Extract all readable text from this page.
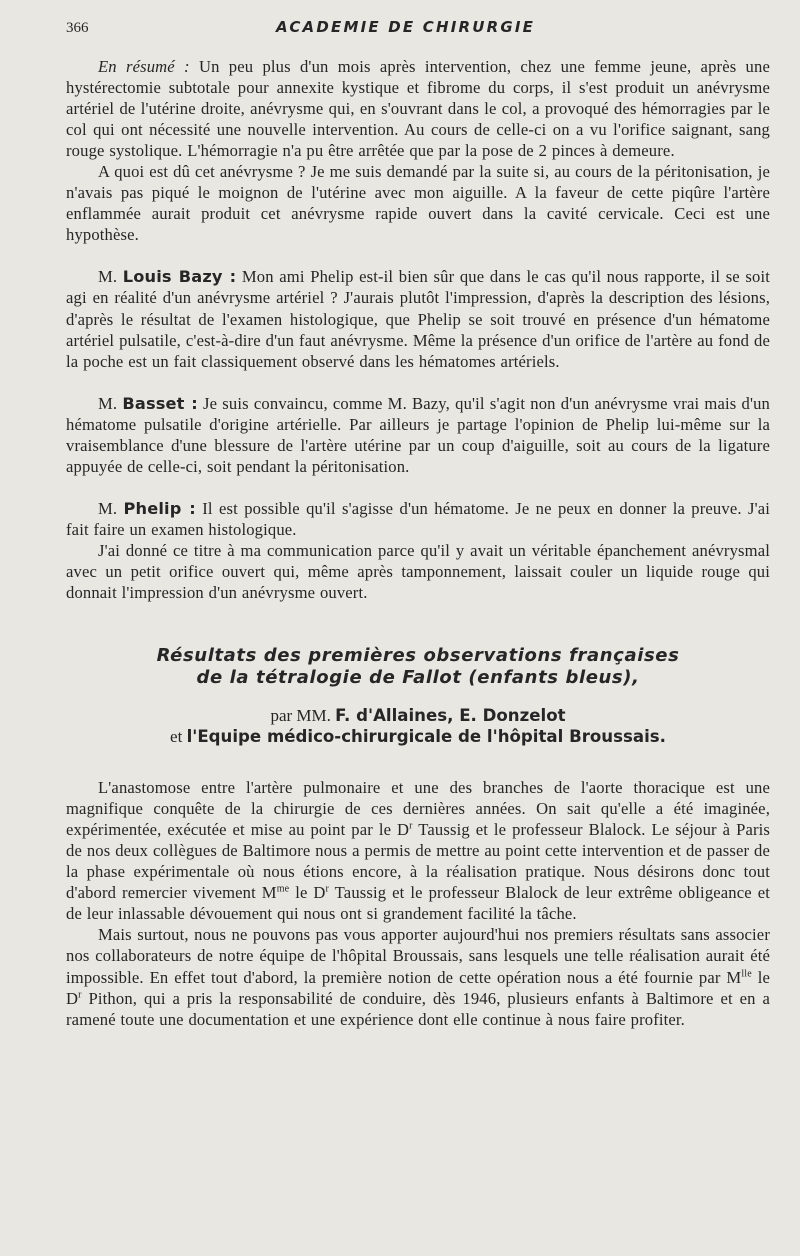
366	ACADEMIE DE CHIRURGIE

En résumé : Un peu plus d'un mois après intervention, chez une femme jeune, après une hystérectomie subtotale pour annexite kystique et fibrome du corps, il s'est produit un anévrysme artériel de l'utérine droite, anévrysme qui, en s'ouvrant dans le col, a provoqué des hémorragies par le col qui ont nécessité une nouvelle intervention. Au cours de celle-ci on a vu l'orifice saignant, sang rouge systolique. L'hémorragie n'a pu être arrêtée que par la pose de 2 pinces à demeure.

A quoi est dû cet anévrysme ? Je me suis demandé par la suite si, au cours de la péritonisation, je n'avais pas piqué le moignon de l'utérine avec mon aiguille. A la faveur de cette piqûre l'artère enflammée aurait produit cet anévrysme rapide ouvert dans la cavité cervicale. Ceci est une hypothèse.

M. Louis Bazy : Mon ami Phelip est-il bien sûr que dans le cas qu'il nous rapporte, il se soit agi en réalité d'un anévrysme artériel ? J'aurais plutôt l'impression, d'après la description des lésions, d'après le résultat de l'examen histologique, que Phelip se soit trouvé en présence d'un hématome artériel pulsatile, c'est-à-dire d'un faut anévrysme. Même la présence d'un orifice de l'artère au fond de la poche est un fait classiquement observé dans les hématomes artériels.

M. Basset : Je suis convaincu, comme M. Bazy, qu'il s'agit non d'un anévrysme vrai mais d'un hématome pulsatile d'origine artérielle. Par ailleurs je partage l'opinion de Phelip lui-même sur la vraisemblance d'une blessure de l'artère utérine par un coup d'aiguille, soit au cours de la ligature appuyée de celle-ci, soit pendant la péritonisation.

M. Phelip : Il est possible qu'il s'agisse d'un hématome. Je ne peux en donner la preuve. J'ai fait faire un examen histologique.

J'ai donné ce titre à ma communication parce qu'il y avait un véritable épanchement anévrysmal avec un petit orifice ouvert qui, même après tamponnement, laissait couler un liquide rouge qui donnait l'impression d'un anévrysme ouvert.

Résultats des premières observations françaises
de la tétralogie de Fallot (enfants bleus),
par MM. F. d'Allaines, E. Donzelot
et l'Equipe médico-chirurgicale de l'hôpital Broussais.

L'anastomose entre l'artère pulmonaire et une des branches de l'aorte thoracique est une magnifique conquête de la chirurgie de ces dernières années. On sait qu'elle a été imaginée, expérimentée, exécutée et mise au point par le $D^r$ Taussig et le professeur Blalock. Le séjour à Paris de nos deux collègues de Baltimore nous a permis de mettre au point cette intervention et de passer de la phase expérimentale où nous étions encore, à la réalisation pratique. Nous désirons donc tout d'abord remercier vivement $M^{me}$ le $D^r$ Taussig et le professeur Blalock de leur extrême obligeance et de leur inlassable dévouement qui nous ont si grandement facilité la tâche.

Mais surtout, nous ne pouvons pas vous apporter aujourd'hui nos premiers résultats sans associer nos collaborateurs de notre équipe de l'hôpital Broussais, sans lesquels une telle réalisation aurait été impossible. En effet tout d'abord, la première notion de cette opération nous a été fournie par $M^{lle}$ le $D^r$ Pithon, qui a pris la responsabilité de conduire, dès 1946, plusieurs enfants à Baltimore et en a ramené toute une documentation et une expérience dont elle continue à nous faire profiter.
